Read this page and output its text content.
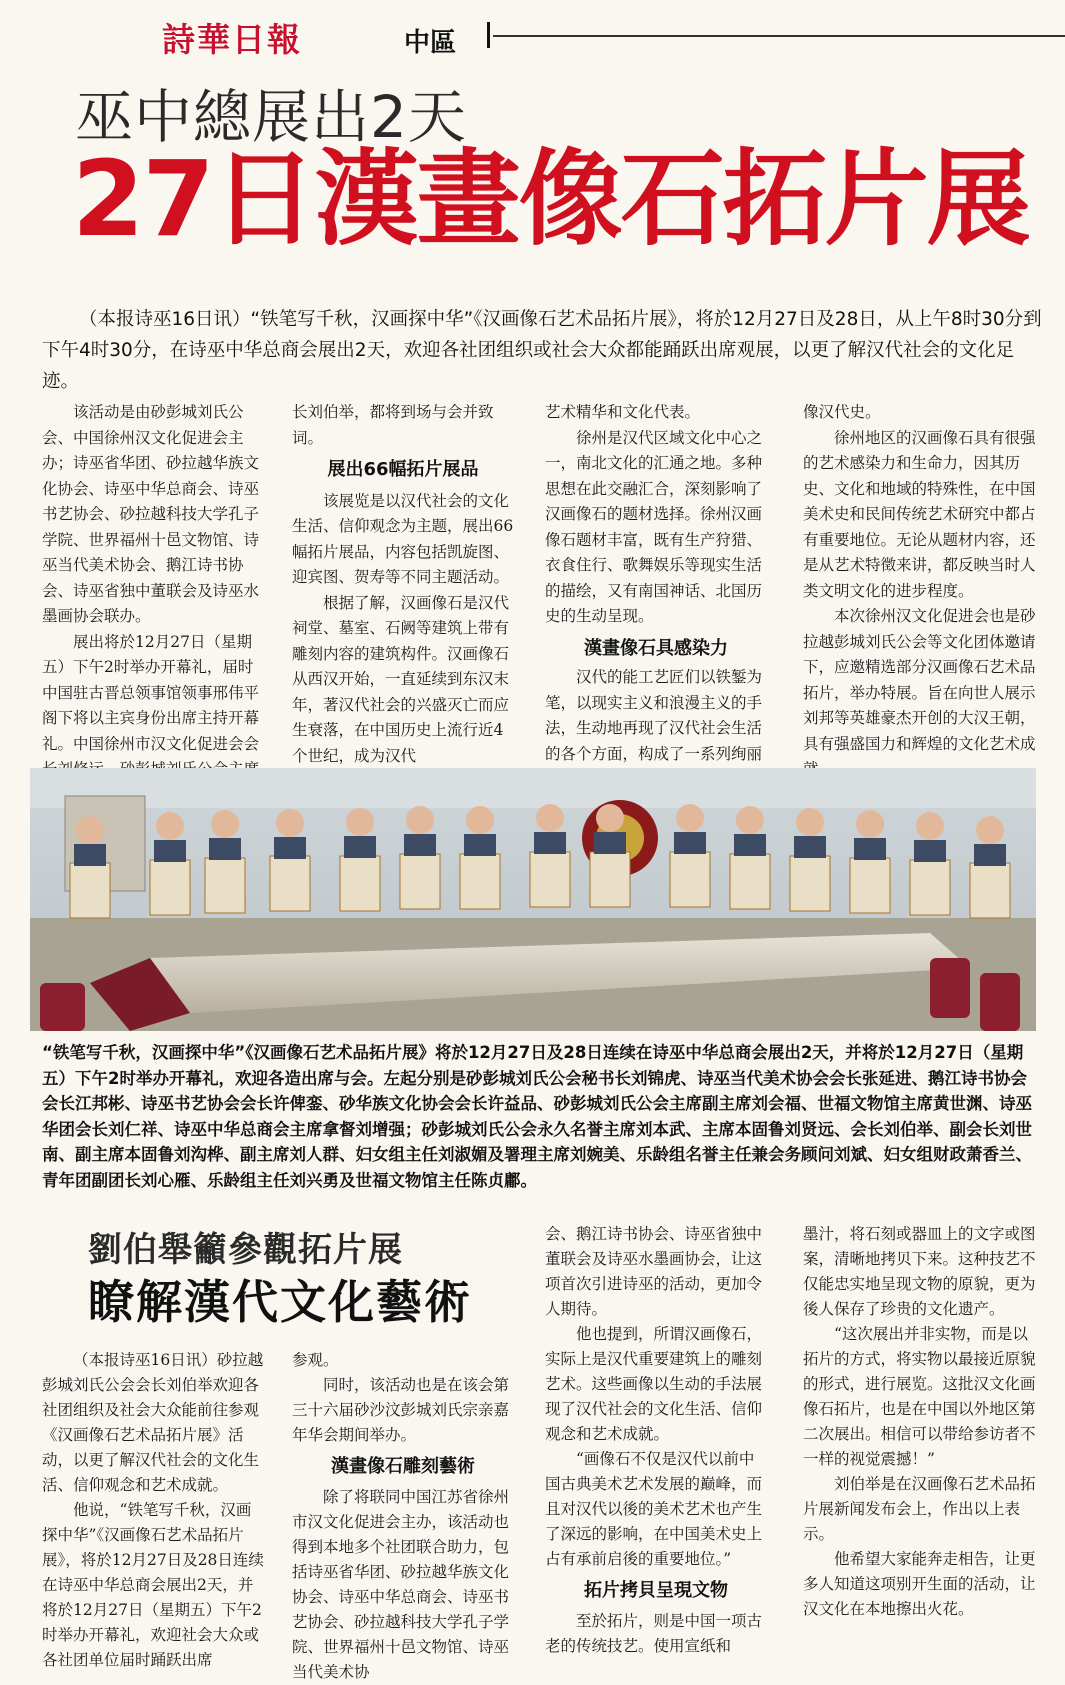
詩華日報	中區
巫中總展出2天
27日漢畫像石拓片展
（本报诗巫16日讯）“铁笔写千秋，汉画探中华”《汉画像石艺术品拓片展》，将於12月27日及28日，从上午8时30分到下午4时30分，在诗巫中华总商会展出2天，欢迎各社团组织或社会大众都能踊跃出席观展，以更了解汉代社会的文化足迹。

该活动是由砂彭城刘氏公会、中国徐州汉文化促进会主办；诗巫省华团、砂拉越华族文化协会、诗巫中华总商会、诗巫书艺协会、砂拉越科技大学孔子学院、世界福州十邑文物馆、诗巫当代美术协会、鹅江诗书协会、诗巫省独中董联会及诗巫水墨画协会联办。

展出将於12月27日（星期五）下午2时举办开幕礼，届时中国驻古晋总领事馆领事邢伟平阁下将以主宾身份出席主持开幕礼。中国徐州市汉文化促进会会

长刘伯举，都将到场与会并致词。

展出66幅拓片展品

该展览是以汉代社会的文化生活、信仰观念为主题，展出66幅拓片展品，内容包括凯旋图、迎宾图、贺寿等不同主题活动。

根据了解，汉画像石是汉代祠堂、墓室、石阙等建筑上带有雕刻内容的建筑构件。汉画像石从西汉开始，一直延续到东汉末年，著汉代社会的兴盛灭亡而应生衰落，在中国历史上流行近4个世纪，成为汉代

艺术精华和文化代表。

徐州是汉代区域文化中心之一，南北文化的汇通之地。多种思想在此交融汇合，深刻影响了汉画像石的题材选择。徐州汉画像石题材丰富，既有生产狩猎、衣食住行、歌舞娱乐等现实生活的描绘，又有南国神话、北国历史的生动呈现。

漢畫像石具感染力

汉代的能工艺匠们以铁錾为笔，以现实主义和浪漫主义的手法，生动地再现了汉代社会生活的各个方面，构成了一系列绚丽

像汉代史。

徐州地区的汉画像石具有很强的艺术感染力和生命力，因其历史、文化和地域的特殊性，在中国美术史和民间传统艺术研究中都占有重要地位。无论从题材内容，还是从艺术特徵来讲，都反映当时人类文明文化的进步程度。

本次徐州汉文化促进会也是砂拉越彭城刘氏公会等文化团体邀请下，应邀精选部分汉画像石艺术品拓片，举办特展。旨在向世人展示刘邦等英雄豪杰开创的大汉王朝，具有强盛国力和辉煌的文化艺术成

“铁笔写千秋，汉画探中华”《汉画像石艺术品拓片展》将於12月27日及28日连续在诗巫中华总商会展出2天，并将於12月27日（星期五）下午2时举办开幕礼，欢迎各造出席与会。左起分别是砂彭城刘氏公会秘书长刘锦虎、诗巫当代美术协会会长张延进、鹅江诗书协会会长江邦彬、诗巫书艺协会会长许俾銮、砂华族文化协会会长许益品、砂彭城刘氏公会主席副主席刘会福、世福文物馆主席黄世渊、诗巫华团会长刘仁祥、诗巫中华总商会主席拿督刘增强；砂彭城刘氏公会永久名誉主席刘本武、主席本固鲁刘贤远、会长刘伯举、副会长刘世南、副主席本固鲁刘沟桦、副主席刘人群、妇女组主任刘淑媚及署理主席刘婉美、乐龄组名誉主任兼会务顾问刘斌、妇女组财政萧香兰、青年团副团长刘心雁、乐龄组主任刘兴勇及世福文物馆主任陈贞鄘。
劉伯舉籲參觀拓片展
瞭解漢代文化藝術

（本报诗巫16日讯）砂拉越彭城刘氏公会会长刘伯举欢迎各社团组织及社会大众能前往参观《汉画像石艺术品拓片展》活动，以更了解汉代社会的文化生活、信仰观念和艺术成就。

他说，“铁笔写千秋，汉画探中华”《汉画像石艺术品拓片展》，将於12月27日及28日连续在诗巫中华总商会展出2天，并将於12月27日（星期五）下午2时举办开幕礼，欢迎社会大众或各社团单位届时踊跃出席

参观。

同时，该活动也是在该会第三十六届砂沙汶彭城刘氏宗亲嘉年华会期间举办。

漢畫像石雕刻藝術

除了将联同中国江苏省徐州市汉文化促进会主办，该活动也得到本地多个社团联合助力，包括诗巫省华团、砂拉越华族文化协会、诗巫中华总商会、诗巫书艺协会、砂拉越科技大学孔子学院、世界福州十邑文物馆、诗巫当代美术协

会、鹅江诗书协会、诗巫省独中董联会及诗巫水墨画协会，让这项首次引进诗巫的活动，更加令人期待。

他也提到，所谓汉画像石，实际上是汉代重要建筑上的雕刻艺术。这些画像以生动的手法展现了汉代社会的文化生活、信仰观念和艺术成就。

“画像石不仅是汉代以前中国古典美术艺术发展的巅峰，而且对汉代以後的美术艺术也产生了深远的影响，在中国美术史上占有承前启後的重要地位。”

拓片拷貝呈現文物

至於拓片，则是中国一项古老的传统技艺。使用宣纸和

墨汁，将石刻或器皿上的文字或图案，清晰地拷贝下来。这种技艺不仅能忠实地呈现文物的原貌，更为後人保存了珍贵的文化遗产。

“这次展出并非实物，而是以拓片的方式，将实物以最接近原貌的形式，进行展览。这批汉文化画像石拓片，也是在中国以外地区第二次展出。相信可以带给参访者不一样的视觉震撼！”

刘伯举是在汉画像石艺术品拓片展新闻发布会上，作出以上表示。

他希望大家能奔走相告，让更多人知道这项别开生面的活动，让汉文化在本地擦出火花。
